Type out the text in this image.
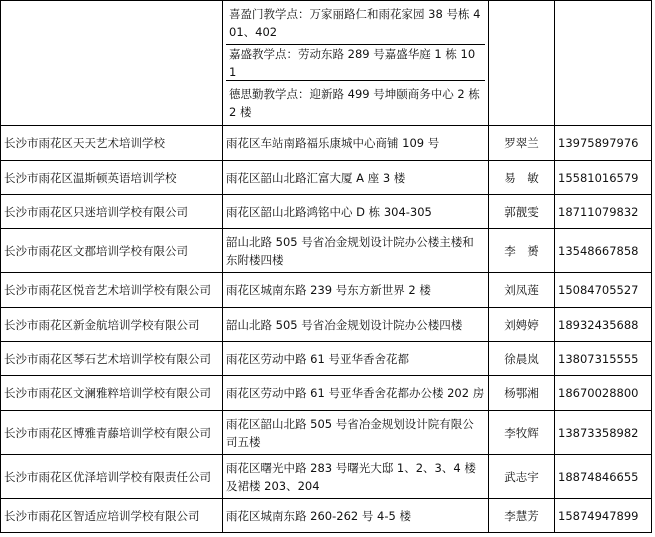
	喜盈门教学点：万家丽路仁和雨花家园 38 号栋 401、402
嘉盛教学点：劳动东路 289 号嘉盛华庭 1 栋 101
德思勤教学点：迎新路 499 号坤颐商务中心 2 栋 2 楼		

长沙市雨花区天天艺术培训学校	雨花区车站南路福乐康城中心商铺 109 号	罗翠兰	13975897976
长沙市雨花区温斯顿英语培训学校	雨花区韶山北路汇富大厦 A 座 3 楼	易　敏	15581016579
长沙市雨花区只迷培训学校有限公司	雨花区韶山北路鸿铭中心 D 栋 304-305	郭靓雯	18711079832
长沙市雨花区文郡培训学校有限公司	韶山北路 505 号省冶金规划设计院办公楼主楼和东附楼四楼	李　赟	13548667858
长沙市雨花区悦音艺术培训学校有限公司	雨花区城南东路 239 号东方新世界 2 楼	刘凤莲	15084705527
长沙市雨花区新金航培训学校有限公司	韶山北路 505 号省冶金规划设计院办公楼四楼	刘娉婷	18932435688
长沙市雨花区琴石艺术培训学校有限公司	雨花区劳动中路 61 号亚华香舍花都	徐晨岚	13807315555
长沙市雨花区文澜雅粹培训学校有限公司	雨花区劳动中路 61 号亚华香舍花都办公楼 202 房	杨鄂湘	18670028800
长沙市雨花区博雅青藤培训学校有限公司	雨花区韶山北路 505 号省冶金规划设计院有限公司五楼	李牧辉	13873358982
长沙市雨花区优泽培训学校有限责任公司	雨花区曙光中路 283 号曙光大邸 1、2、3、4 楼及裙楼 203、204	武志宇	18874846655
长沙市雨花区智适应培训学校有限公司	雨花区城南东路 260-262 号 4-5 楼	李慧芳	15874947899
